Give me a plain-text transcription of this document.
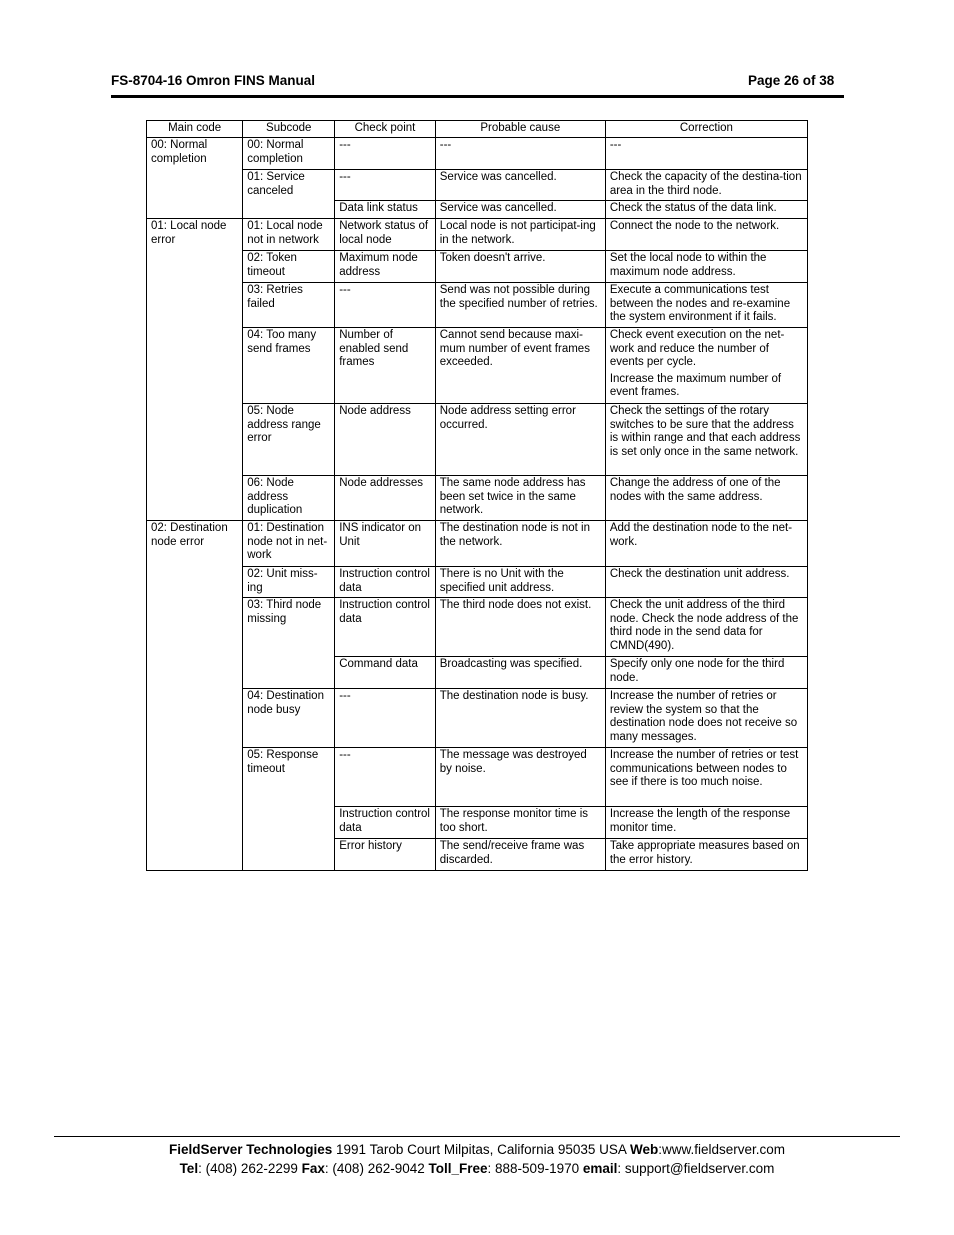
FS-8704-16 Omron FINS Manual	Page 26 of 38
Main code	Subcode	Check point	Probable cause	Correction
00: Normal completion	00: Normal completion	---	---	---
	01: Service canceled	---	Service was cancelled.	Check the capacity of the destina-tion area in the third node.
		Data link status	Service was cancelled.	Check the status of the data link.
01: Local node error	01: Local node not in network	Network status of local node	Local node is not participat-ing in the network.	Connect the node to the network.
	02: Token timeout	Maximum node address	Token doesn't arrive.	Set the local node to within the maximum node address.
	03: Retries failed	---	Send was not possible during the specified number of retries.	Execute a communications test between the nodes and re-examine the system environment if it fails.
	04: Too many send frames	Number of enabled send frames	Cannot send because maxi-mum number of event frames exceeded.	Check event execution on the net-work and reduce the number of events per cycle.
				Increase the maximum number of event frames.
	05: Node address range error	Node address	Node address setting error occurred.	Check the settings of the rotary switches to be sure that the address is within range and that each address is set only once in the same network.
	06: Node address duplication	Node addresses	The same node address has been set twice in the same network.	Change the address of one of the nodes with the same address.
02: Destination node error	01: Destination node not in net-work	INS indicator on Unit	The destination node is not in the network.	Add the destination node to the net-work.
	02: Unit miss-ing	Instruction control data	There is no Unit with the specified unit address.	Check the destination unit address.
	03: Third node missing	Instruction control data	The third node does not exist.	Check the unit address of the third node. Check the node address of the third node in the send data for CMND(490).
		Command data	Broadcasting was specified.	Specify only one node for the third node.
	04: Destination node busy	---	The destination node is busy.	Increase the number of retries or review the system so that the destination node does not receive so many messages.
	05: Response timeout	---	The message was destroyed by noise.	Increase the number of retries or test communications between nodes to see if there is too much noise.
		Instruction control data	The response monitor time is too short.	Increase the length of the response monitor time.
		Error history	The send/receive frame was discarded.	Take appropriate measures based on the error history.
FieldServer Technologies 1991 Tarob Court Milpitas, California 95035 USA Web:www.fieldserver.com
Tel: (408) 262-2299 Fax: (408) 262-9042 Toll_Free: 888-509-1970 email: support@fieldserver.com
